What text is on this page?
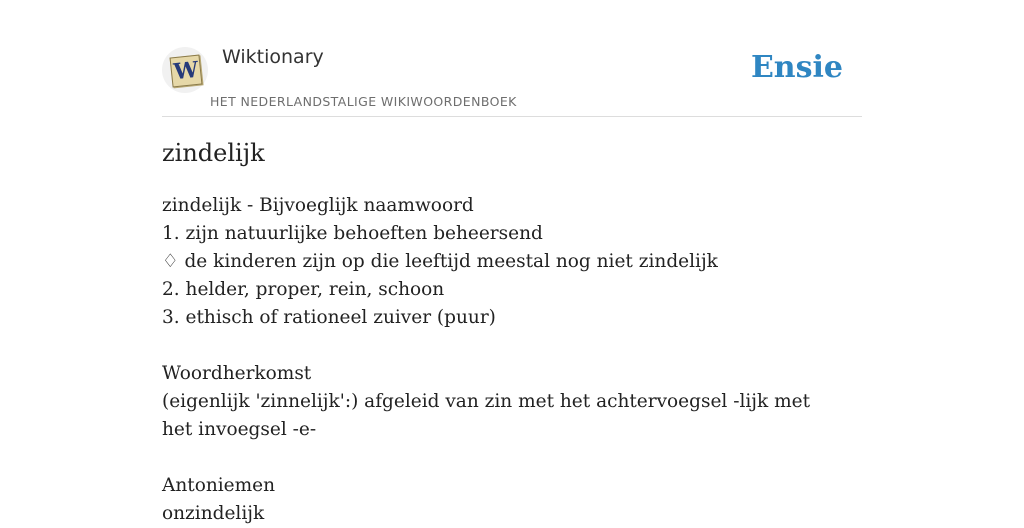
W Wiktionary
HET NEDERLANDSTALIGE WIKIWOORDENBOEK
Ensie
zindelijk
zindelijk - Bijvoeglijk naamwoord
1. zijn natuurlijke behoeften beheersend
♢ de kinderen zijn op die leeftijd meestal nog niet zindelijk
2. helder, proper, rein, schoon
3. ethisch of rationeel zuiver (puur)
Woordherkomst
(eigenlijk 'zinnelijk':) afgeleid van zin met het achtervoegsel -lijk met het invoegsel -e-
Antoniemen
onzindelijk
